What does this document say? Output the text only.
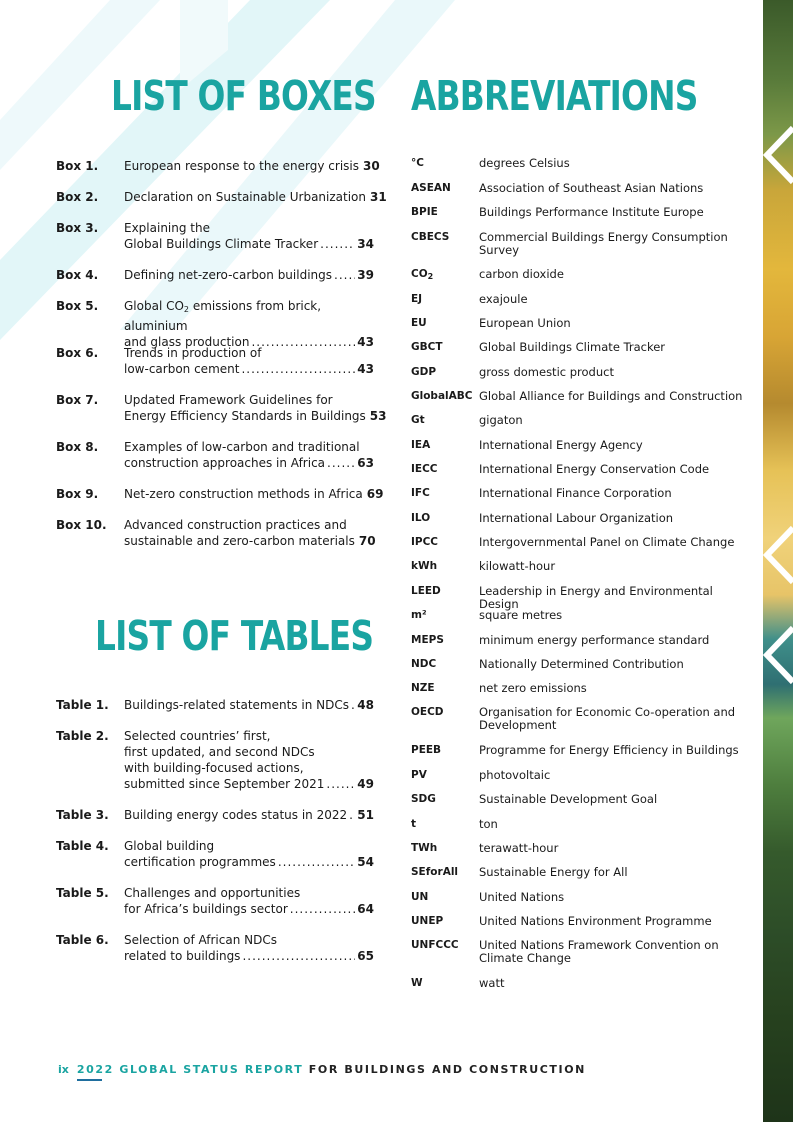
LIST OF BOXES ABBREVIATIONS
LIST OF TABLES
Box 1. European response to the energy crisis 30
Box 2. Declaration on Sustainable Urbanization 31
Box 3. Explaining the
Global Buildings Climate Tracker .....	34
Box 4. Defining net-zero-carbon buildings ..... 39
Box 5. Global $CO_2$ emissions from brick, aluminium
and glass production .....	43
Box 6. Trends in production of
low-carbon cement .....	43
Box 7. Updated Framework Guidelines for
Energy Efficiency Standards in Buildings 53
Box 8. Examples of low-carbon and traditional
construction approaches in Africa .....	63
Box 9. Net-zero construction methods in Africa 69
Box 10. Advanced construction practices and
sustainable and zero-carbon materials 70
Table 1. Buildings-related statements in NDCs ..... 48
Table 2. Selected countries’ first,
first updated, and second NDCs
with building-focused actions,
submitted since September 2021 .....	49
Table 3. Building energy codes status in 2022 ..... 51
Table 4. Global building
certification programmes .....	54
Table 5. Challenges and opportunities
for Africa’s buildings sector .....	64
Table 6. Selection of African NDCs
related to buildings .....	65
°C	degrees Celsius
ASEAN	Association of Southeast Asian Nations
BPIE	Buildings Performance Institute Europe
CBECS	Commercial Buildings Energy Consumption Survey
$CO_2$	carbon dioxide
EJ	exajoule
EU	European Union
GBCT	Global Buildings Climate Tracker
GDP	gross domestic product
GlobalABC Global Alliance for Buildings and Construction
Gt	gigaton
IEA	International Energy Agency
IECC	International Energy Conservation Code
IFC	International Finance Corporation
ILO	International Labour Organization
IPCC	Intergovernmental Panel on Climate Change
kWh	kilowatt-hour
LEED	Leadership in Energy and Environmental Design
m²	square metres
MEPS	minimum energy performance standard
NDC	Nationally Determined Contribution
NZE	net zero emissions
OECD	Organisation for Economic Co-operation and Development
PEEB	Programme for Energy Efficiency in Buildings
PV	photovoltaic
SDG	Sustainable Development Goal
t	ton
TWh	terawatt-hour
SEforAll	Sustainable Energy for All
UN	United Nations
UNEP	United Nations Environment Programme
UNFCCC	United Nations Framework Convention on Climate Change
W	watt
ix 2022 GLOBAL STATUS REPORT FOR BUILDINGS AND CONSTRUCTION
